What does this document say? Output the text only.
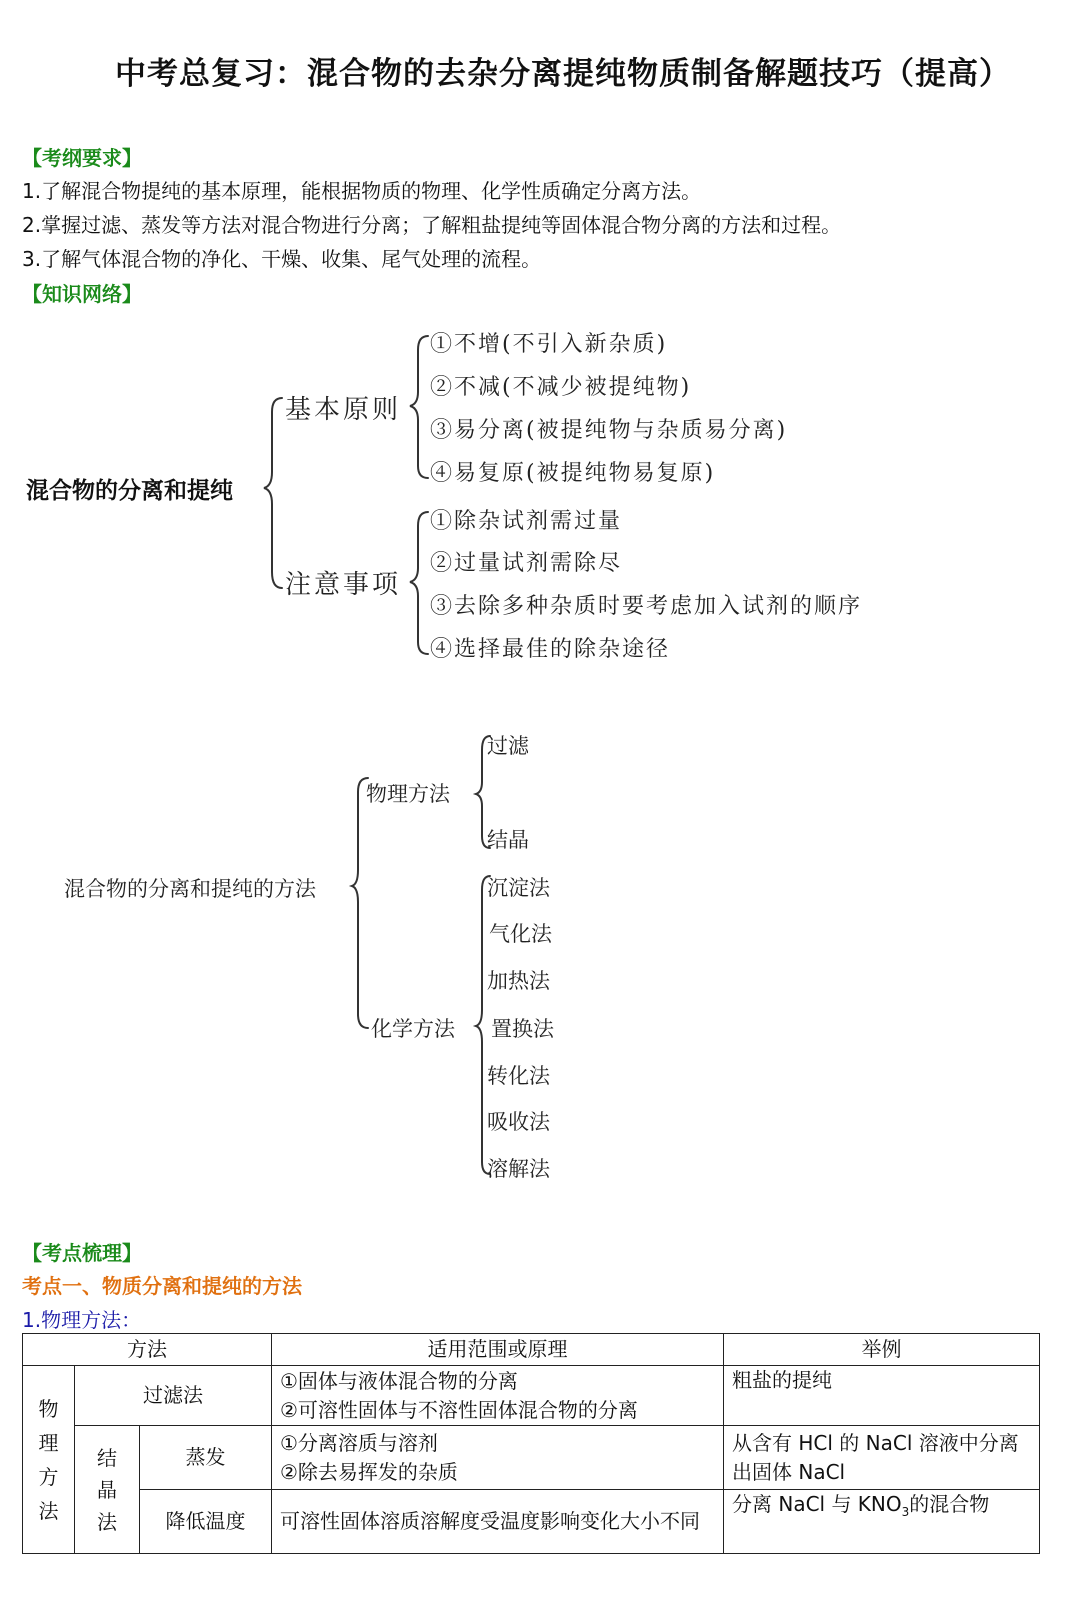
中考总复习：混合物的去杂分离提纯物质制备解题技巧（提高）
【考纲要求】
1.了解混合物提纯的基本原理，能根据物质的物理、化学性质确定分离方法。
2.掌握过滤、蒸发等方法对混合物进行分离；了解粗盐提纯等固体混合物分离的方法和过程。
3.了解气体混合物的净化、干燥、收集、尾气处理的流程。
【知识网络】
混合物的分离和提纯
基本原则
①不增(不引入新杂质)
②不减(不减少被提纯物)
③易分离(被提纯物与杂质易分离)
④易复原(被提纯物易复原)
注意事项
①除杂试剂需过量
②过量试剂需除尽
③去除多种杂质时要考虑加入试剂的顺序
④选择最佳的除杂途径
混合物的分离和提纯的方法
物理方法
过滤
结晶
化学方法
沉淀法
气化法
加热法
置换法
转化法
吸收法
溶解法
【考点梳理】
考点一、物质分离和提纯的方法
1.物理方法：
方法			适用范围或原理	举例

物理方法	过滤法		①固体与液体混合物的分离
②可溶性固体与不溶性固体混合物的分离	粗盐的提纯

	结晶法	蒸发	①分离溶质与溶剂
②除去易挥发的杂质	从含有 HCl 的 NaCl 溶液中分离出固体 NaCl
		降低温度	可溶性固体溶质溶解度受温度影响变化大小不同	分离 NaCl 与 $KNO_3$的混合物
